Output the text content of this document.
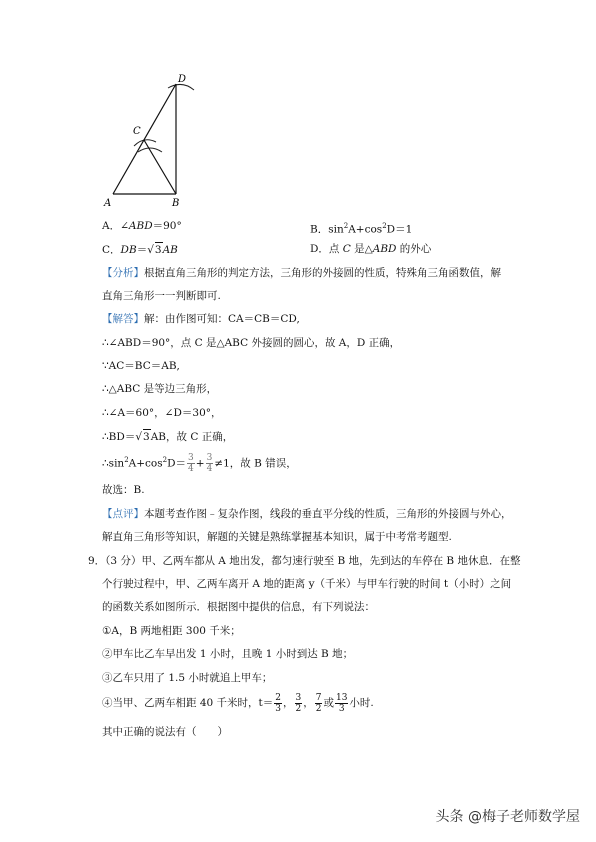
D
C
A	B
A．∠ABD＝90°	B．$\sin^2A+\cos^2D=1$
C．DB＝√3AB	D．点 C 是△ABD 的外心
【分析】根据直角三角形的判定方法，三角形的外接圆的性质，特殊角三角函数值，解
直角三角形一一判断即可.
【解答】解：由作图可知：CA＝CB＝CD,
∴∠ABD＝90°，点 C 是△ABC 外接圆的圆心，故 A，D 正确，
∵AC＝BC＝AB,
∴△ABC 是等边三角形，
∴∠A＝60°，∠D＝30°，
∴BD＝√3AB，故 C 正确，
$\therefore\sin^2A+\cos^2D= \frac{3}{4} + \frac{3}{4} \ne 1$，故 B 错误，
故选：B.
【点评】本题考查作图﹣复杂作图，线段的垂直平分线的性质，三角形的外接圆与外心，
解直角三角形等知识，解题的关键是熟练掌握基本知识，属于中考常考题型.
9．（3 分）甲、乙两车都从 A 地出发，都匀速行驶至 B 地，先到达的车停在 B 地休息．在整
个行驶过程中，甲、乙两车离开 A 地的距离 y（千米）与甲车行驶的时间 t（小时）之间
的函数关系如图所示．根据图中提供的信息，有下列说法：
①A，B 两地相距 300 千米；
②甲车比乙车早出发 1 小时，且晚 1 小时到达 B 地；
③乙车只用了 1.5 小时就追上甲车；
④当甲、乙两车相距 40 千米时，$t= \frac{2}{3}$ ， $\frac{3}{2}$ ， $\frac{7}{2}$ 或 $\frac{13}{3}$ 小时.
其中正确的说法有（　　）
头条 @梅子老师数学屋
